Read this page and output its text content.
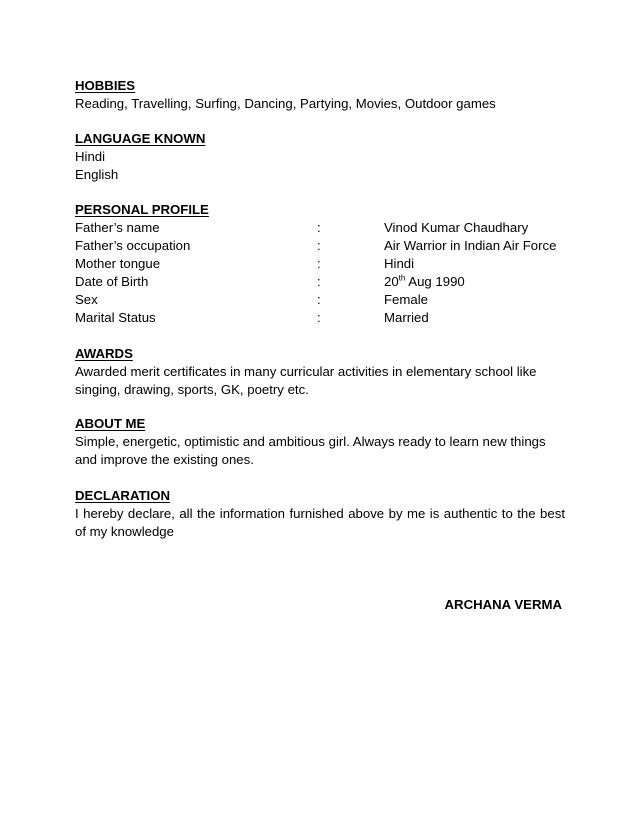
HOBBIES
Reading, Travelling, Surfing, Dancing, Partying, Movies, Outdoor games
LANGUAGE KNOWN
Hindi
English
PERSONAL PROFILE
Father’s name	:	Vinod Kumar Chaudhary
Father’s occupation	:	Air Warrior in Indian Air Force
Mother tongue	:	Hindi
Date of Birth	:	20th Aug 1990
Sex	:	Female
Marital Status	:	Married
AWARDS
Awarded merit certificates in many curricular activities in elementary school like singing, drawing, sports, GK, poetry etc.
ABOUT ME
Simple, energetic, optimistic and ambitious girl. Always ready to learn new things and improve the existing ones.
DECLARATION
I hereby declare, all the information furnished above by me is authentic to the best of my knowledge
ARCHANA VERMA
